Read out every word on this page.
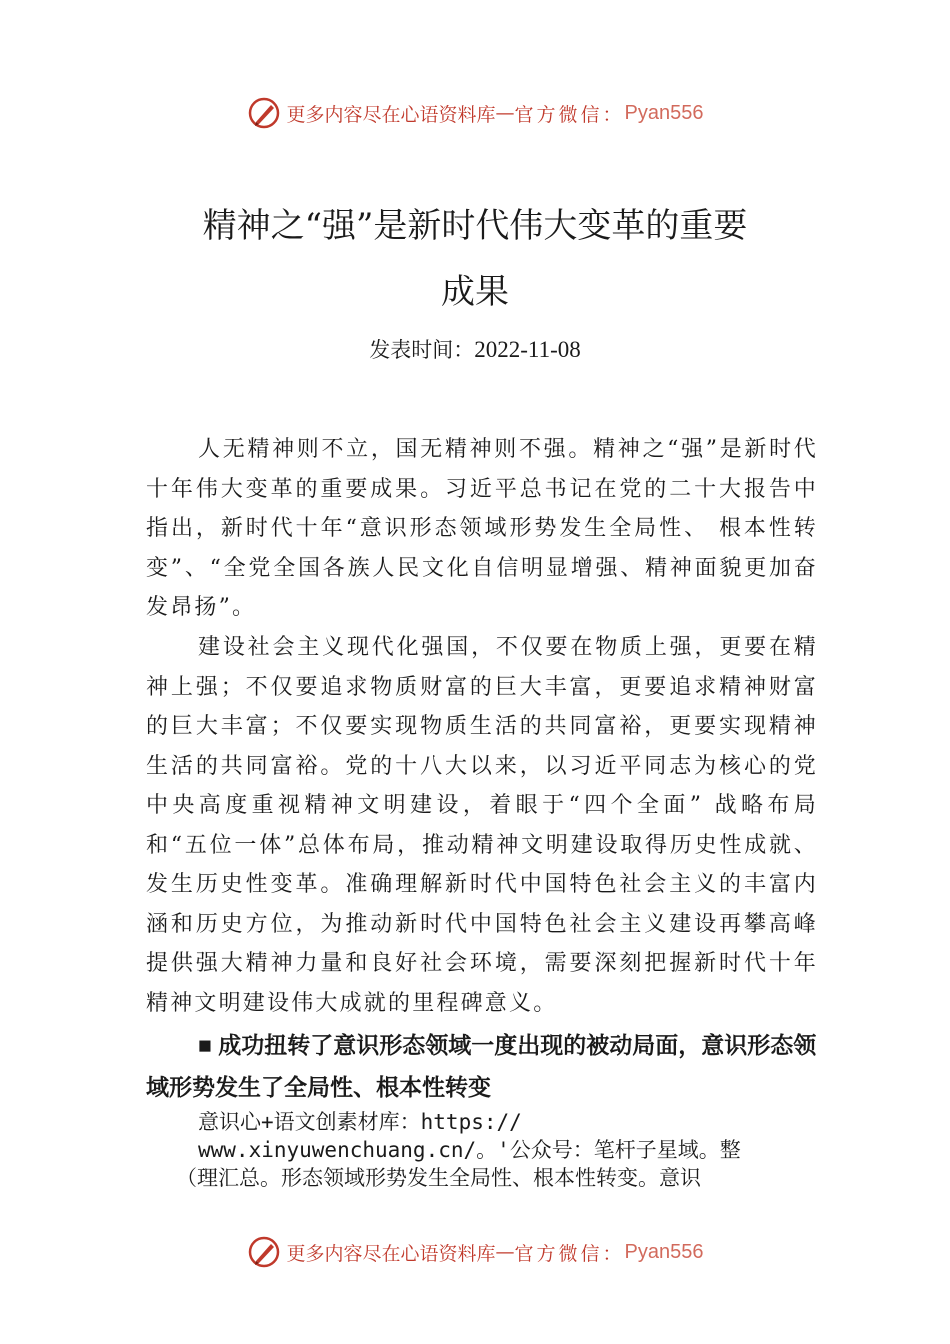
更多内容尽在心语资料库 — 官方微信： Pyan556
精神之“强”是新时代伟大变革的重要
成果
发表时间：2022-11-08

人无精神则不立，国无精神则不强。精神之“强”是新时代十年伟大变革的重要成果。习近平总书记在党的二十大报告中指出，新时代十年“意识形态领域形势发生全局性、 根本性转变”、“全党全国各族人民文化自信明显增强、精神面貌更加奋发昂扬”。

建设社会主义现代化强国，不仅要在物质上强，更要在精神上强；不仅要追求物质财富的巨大丰富，更要追求精神财富的巨大丰富；不仅要实现物质生活的共同富裕，更要实现精神生活的共同富裕。党的十八大以来，以习近平同志为核心的党中央高度重视精神文明建设，着眼于“四个全面” 战略布局和“五位一体”总体布局，推动精神文明建设取得历史性成就、发生历史性变革。准确理解新时代中国特色社会主义的丰富内涵和历史方位，为推动新时代中国特色社会主义建设再攀高峰提供强大精神力量和良好社会环境，需要深刻把握新时代十年精神文明建设伟大成就的里程碑意义。

■ 成功扭转了意识形态领域一度出现的被动局面，意识形态领域形势发生了全局性、根本性转变

意识心+语文创素材库：https://
www.xinyuwenchuang.cn/。'公众号：笔杆子星域。整
（理汇总。形态领域形势发生全局性、根本性转变。意识
更多内容尽在心语资料库 — 官方微信： Pyan556
